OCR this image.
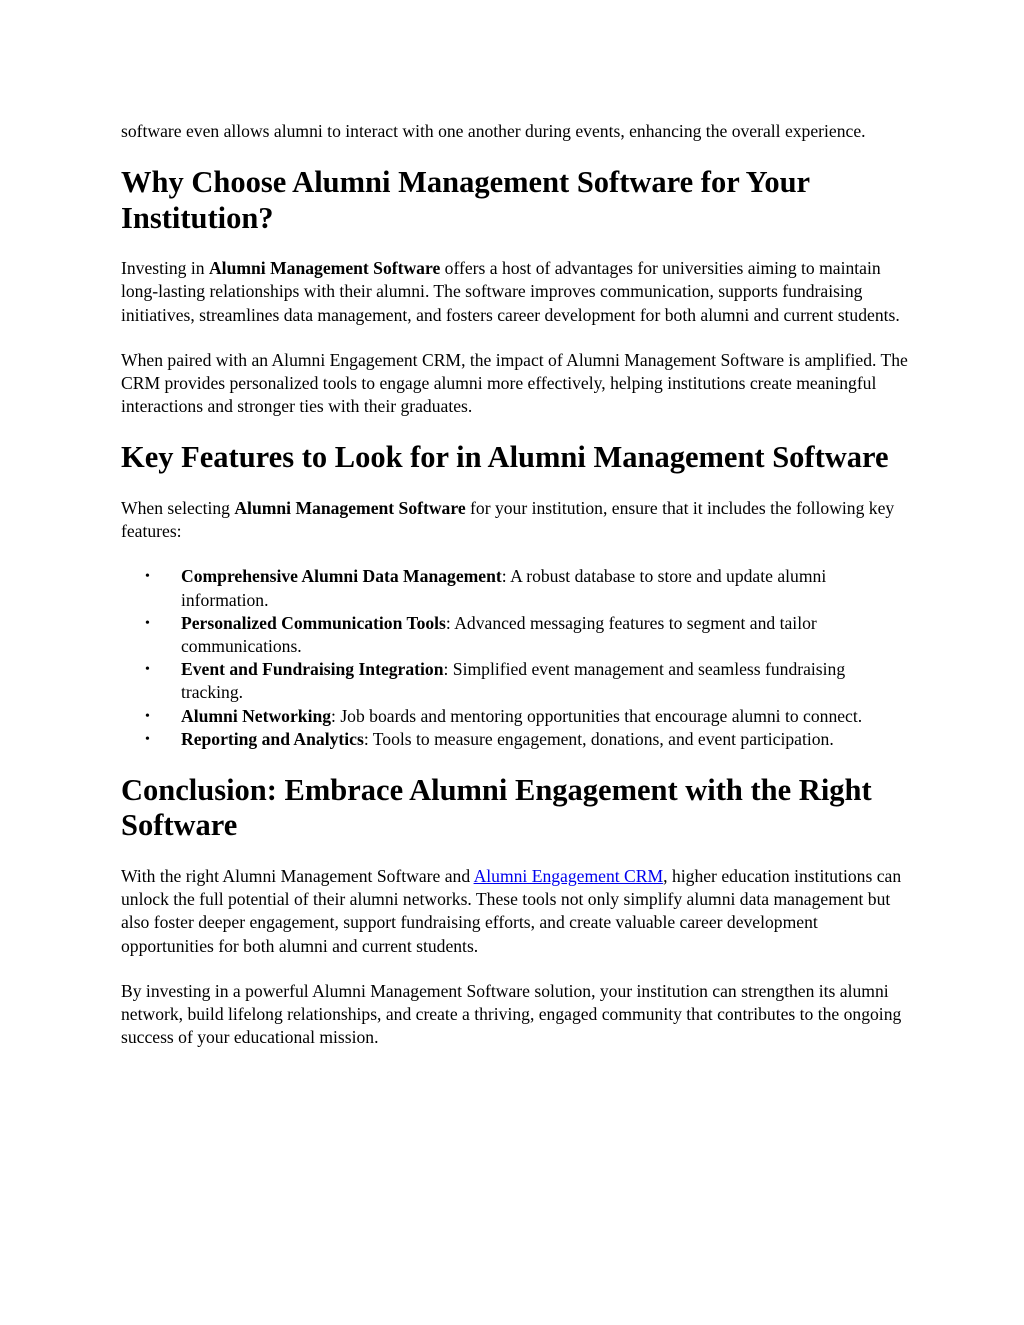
software even allows alumni to interact with one another during events, enhancing the overall experience.

Why Choose Alumni Management Software for Your Institution?

Investing in Alumni Management Software offers a host of advantages for universities aiming to maintain long-lasting relationships with their alumni. The software improves communication, supports fundraising initiatives, streamlines data management, and fosters career development for both alumni and current students.

When paired with an Alumni Engagement CRM, the impact of Alumni Management Software is amplified. The CRM provides personalized tools to engage alumni more effectively, helping institutions create meaningful interactions and stronger ties with their graduates.

Key Features to Look for in Alumni Management Software

When selecting Alumni Management Software for your institution, ensure that it includes the following key features:

• Comprehensive Alumni Data Management: A robust database to store and update alumni information.
• Personalized Communication Tools: Advanced messaging features to segment and tailor communications.
• Event and Fundraising Integration: Simplified event management and seamless fundraising tracking.
• Alumni Networking: Job boards and mentoring opportunities that encourage alumni to connect.
• Reporting and Analytics: Tools to measure engagement, donations, and event participation.
Conclusion: Embrace Alumni Engagement with the Right Software

With the right Alumni Management Software and Alumni Engagement CRM, higher education institutions can unlock the full potential of their alumni networks. These tools not only simplify alumni data management but also foster deeper engagement, support fundraising efforts, and create valuable career development opportunities for both alumni and current students.

By investing in a powerful Alumni Management Software solution, your institution can strengthen its alumni network, build lifelong relationships, and create a thriving, engaged community that contributes to the ongoing success of your educational mission.
